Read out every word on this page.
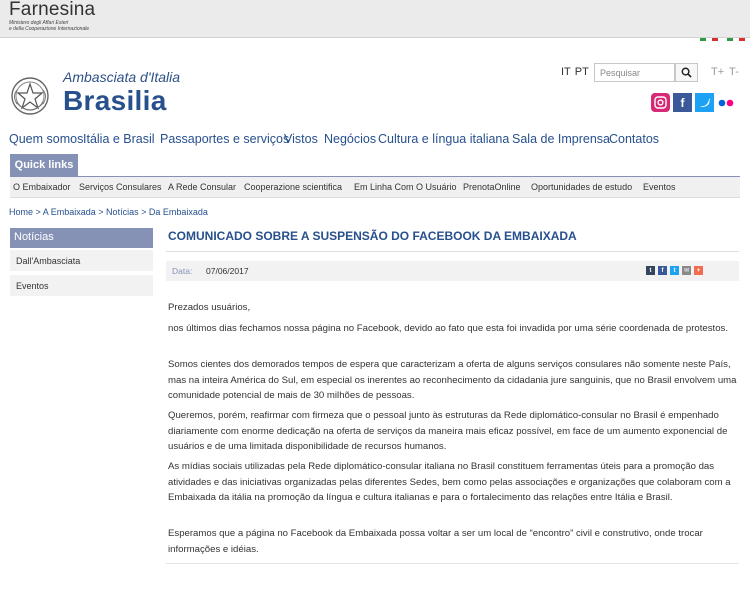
Farnesina
Ministero degli Affari Esteri
e della Cooperazione Internazionale
Ambasciata d'Italia
Brasilia
IT PT
Pesquisar	T+ T-
f
Quem somos Itália e Brasil Passaportes e serviços
Vistos Negócios Cultura e língua italiana Sala de Imprensa Contatos
Quick links
O Embaixador Serviços Consulares A Rede Consular Cooperazione scientifica Em Linha Com O Usuário PrenotaOnline Oportunidades de estudo Eventos
Home > A Embaixada > Notícias > Da Embaixada
Notícias
Dall'Ambasciata
Eventos
COMUNICADO SOBRE A SUSPENSÃO DO FACEBOOK DA EMBAIXADA
Data: 07/06/2017	t	f	t	✉	+

Prezados usuários,

nos últimos dias fechamos nossa página no Facebook, devido ao fato que esta foi invadida por uma série coordenada de protestos.

Somos cientes dos demorados tempos de espera que caracterizam a oferta de alguns serviços consulares não somente neste País, mas na inteira América do Sul, em especial os inerentes ao reconhecimento da cidadania jure sanguinis, que no Brasil envolvem uma comunidade potencial de mais de 30 milhões de pessoas.

Queremos, porém, reafirmar com firmeza que o pessoal junto às estruturas da Rede diplomático-consular no Brasil é empenhado diariamente com enorme dedicação na oferta de serviços da maneira mais eficaz possível, em face de um aumento exponencial de usuários e de uma limitada disponibilidade de recursos humanos.

As mídias sociais utilizadas pela Rede diplomático-consular italiana no Brasil constituem ferramentas úteis para a promoção das atividades e das iniciativas organizadas pelas diferentes Sedes, bem como pelas associações e organizações que colaboram com a Embaixada da itália na promoção da língua e cultura italianas e para o fortalecimento das relações entre Itália e Brasil.

Esperamos que a página no Facebook da Embaixada possa voltar a ser um local de “encontro” civil e construtivo, onde trocar informações e idéias.
